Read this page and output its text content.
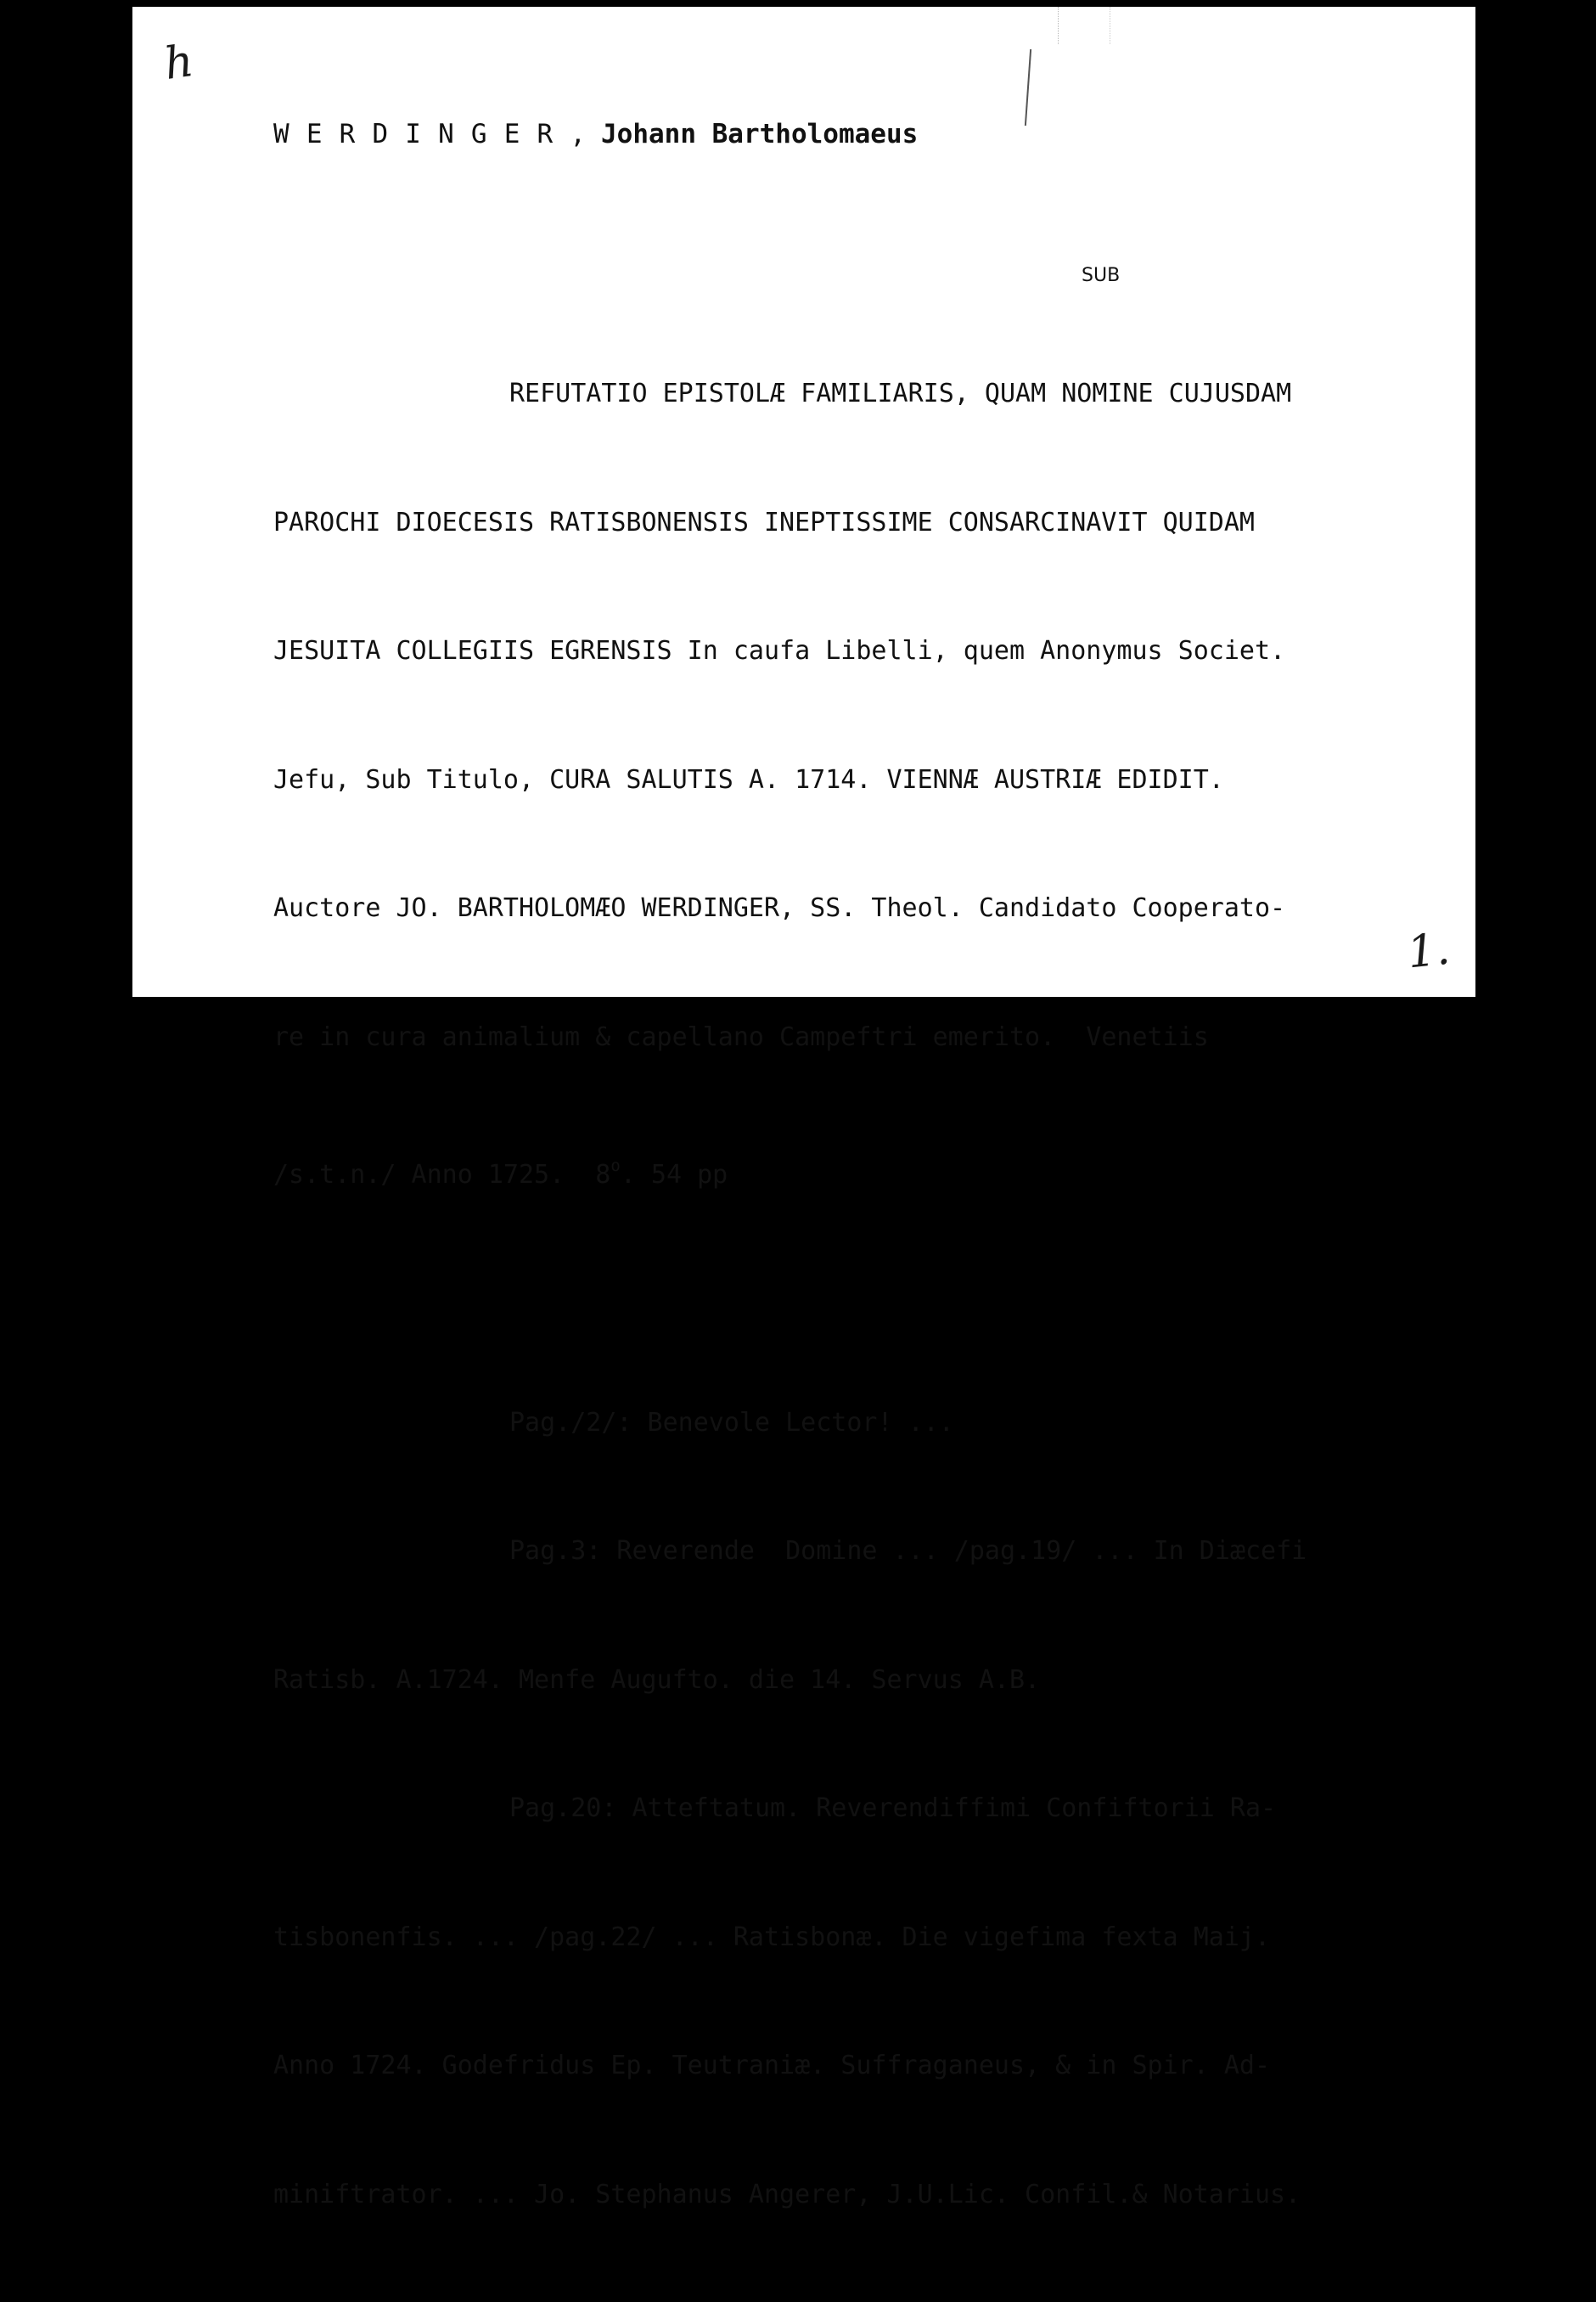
h
WERDINGER, Johann Bartholomaeus
SUB

REFUTATIO EPISTOLÆ FAMILIARIS, QUAM NOMINE CUJUSDAM

PAROCHI DIOECESIS RATISBONENSIS INEPTISSIME CONSARCINAVIT QUIDAM

JESUITA COLLEGIIS EGRENSIS In caufa Libelli, quem Anonymus Societ.

Jefu, Sub Titulo, CURA SALUTIS A. 1714. VIENNÆ AUSTRIÆ EDIDIT.

Auctore JO. BARTHOLOMÆO WERDINGER, SS. Theol. Candidato Cooperato-

re in cura animalium & capellano Campeftri emerito.  Venetiis

/s.t.n./ Anno 1725.  8$^o$. 54 pp

Pag./2/: Benevole Lector! ...

Pag.3: Reverende  Domine ... /pag.19/ ... In Diæcefi

Ratisb. A.1724. Menfe Augufto. die 14. Servus A.B.

Pag.20: Atteftatum. Reverendiffimi Confiftorii Ra-

tisbonenfis. ... /pag.22/ ... Ratisbonæ. Die vigefima fexta Maij.

Anno 1724. Godefridus Ep. Teutraniæ. Suffraganeus, & in Spir. Ad-

miniftrator. ... Jo. Stephanus Angerer, J.U.Lic. Confil.& Notarius.

1.
